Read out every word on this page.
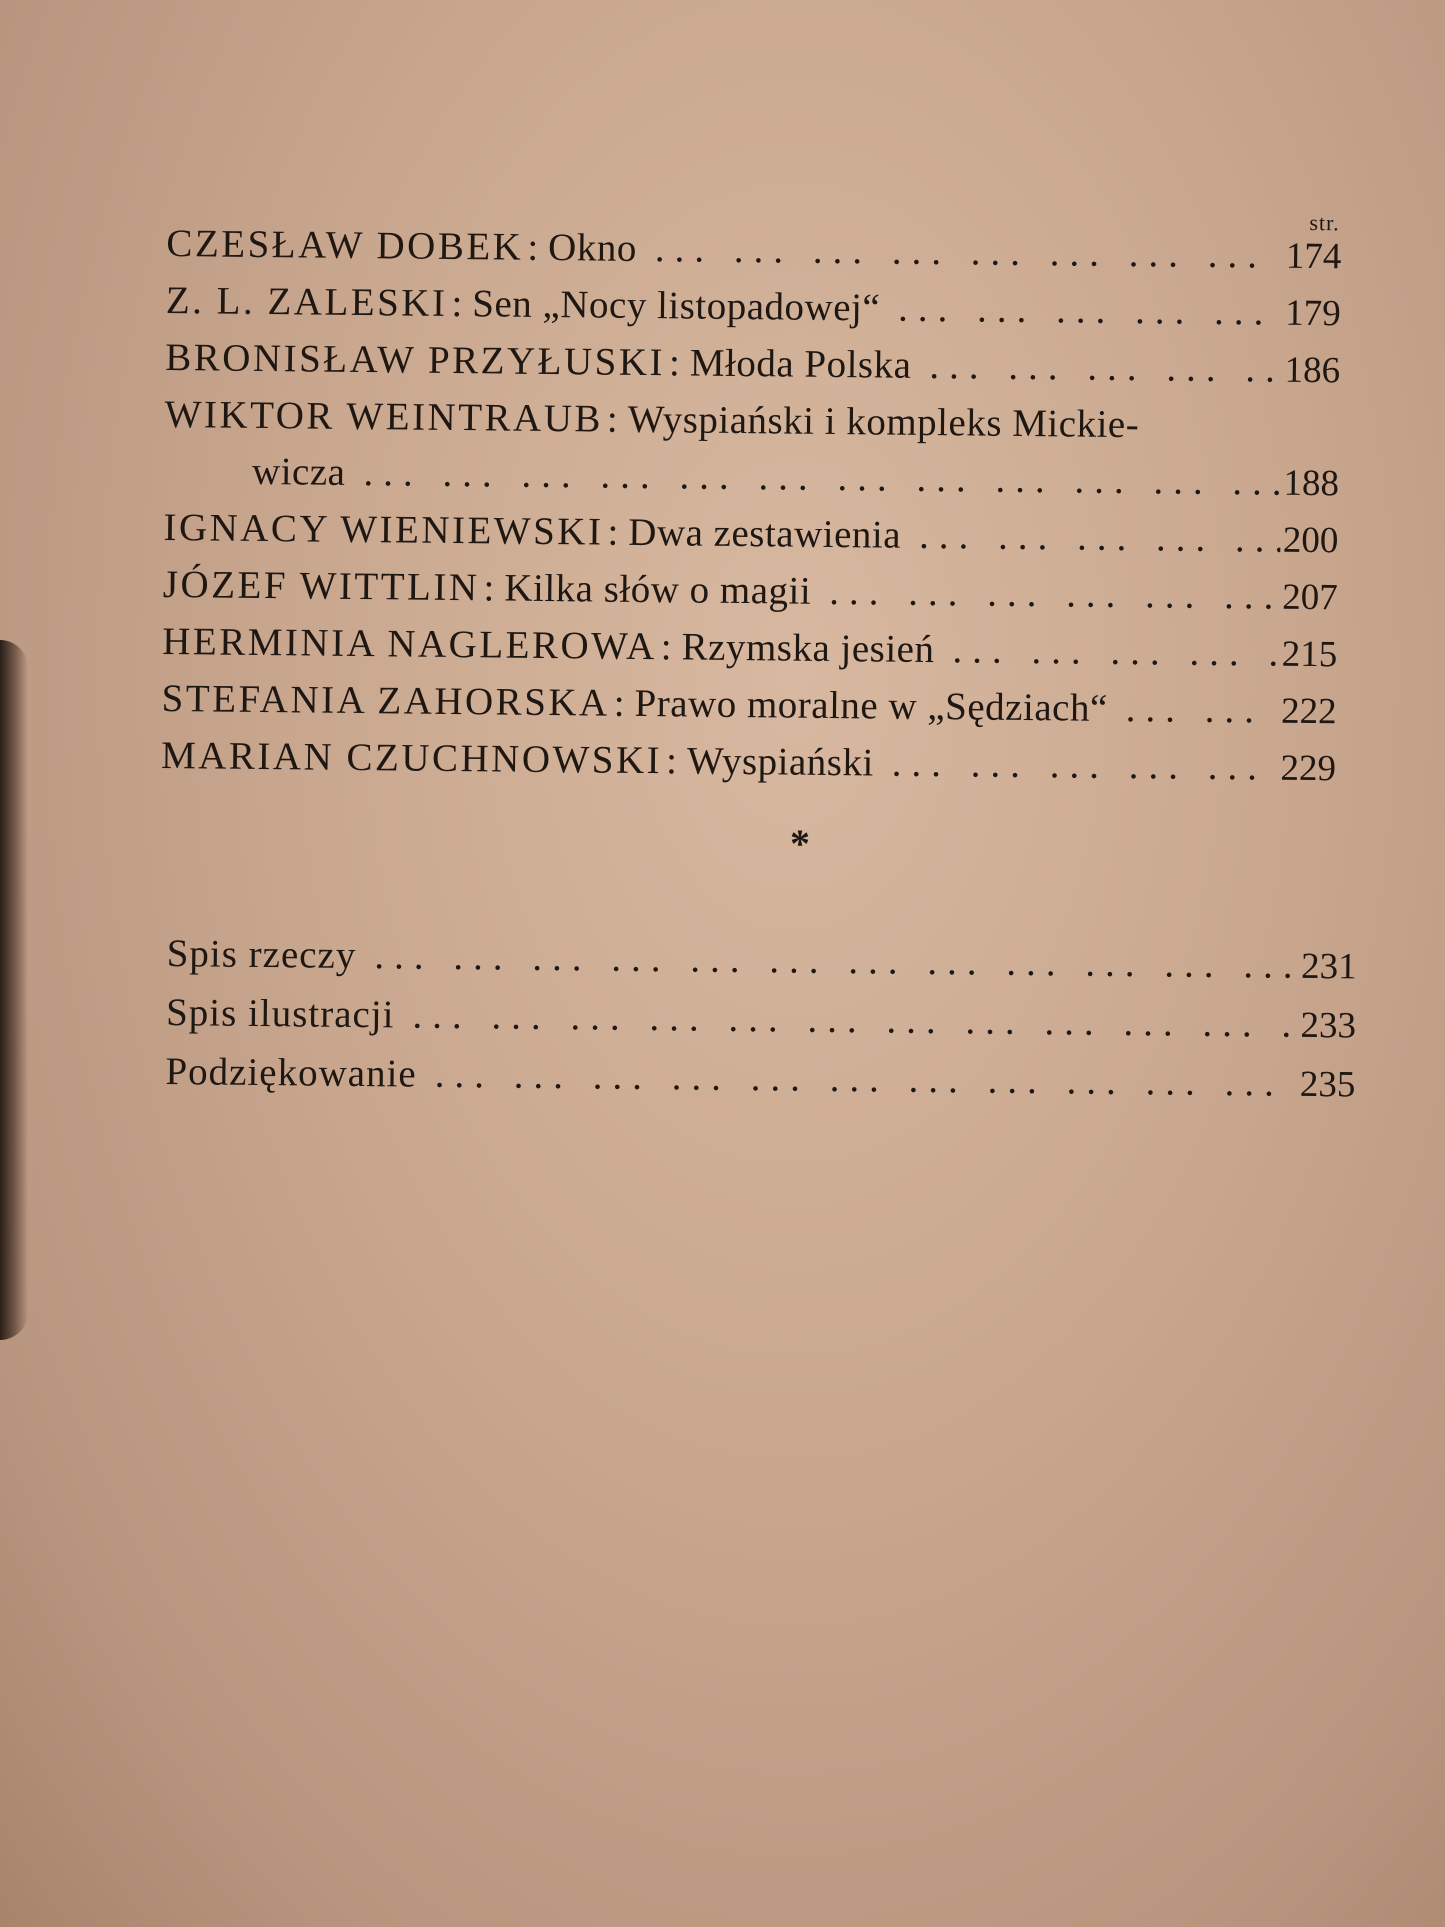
str.
CZESŁAW DOBEK : Okno ... .	174
Z. L. ZALESKI : Sen „Nocy listopadowej“ ... .	179
BRONISŁAW PRZYŁUSKI : Młoda Polska ... .	186
WIKTOR WEINTRAUB : Wyspiański i kompleks Mickie-
wicza ... .	188
IGNACY WIENIEWSKI : Dwa zestawienia ... .	200
JÓZEF WITTLIN : Kilka słów o magii ... .	207
HERMINIA NAGLEROWA : Rzymska jesień ... .	215
STEFANIA ZAHORSKA : Prawo moralne w „Sędziach“ ... .	222
MARIAN CZUCHNOWSKI : Wyspiański ... .	229
*
Spis rzeczy ... .	231
Spis ilustracji ... .	233
Podziękowanie ... .	235
